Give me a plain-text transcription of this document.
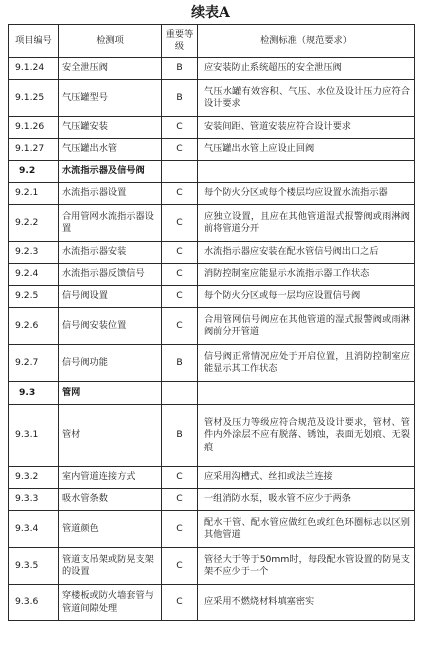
续表A
项目编号	检测项	重要等级	检测标准（规范要求）
9.1.24	安全泄压阀	B	应安装防止系统超压的安全泄压阀
9.1.25	气压罐型号	B	气压水罐有效容积、气压、水位及设计压力应符合设计要求
9.1.26	气压罐安装	C	安装间距、管道安装应符合设计要求
9.1.27	气压罐出水管	C	气压罐出水管上应设止回阀
9.2	水流指示器及信号阀		
9.2.1	水流指示器设置	C	每个防火分区或每个楼层均应设置水流指示器
9.2.2	合用管网水流指示器设置	C	应独立设置，且应在其他管道湿式报警阀或雨淋阀前将管道分开
9.2.3	水流指示器安装	C	水流指示器应安装在配水管信号阀出口之后
9.2.4	水流指示器反馈信号	C	消防控制室应能显示水流指示器工作状态
9.2.5	信号阀设置	C	每个防火分区或每一层均应设置信号阀
9.2.6	信号阀安装位置	C	合用管网信号阀应在其他管道的湿式报警阀或雨淋阀前分开管道
9.2.7	信号阀功能	B	信号阀正常情况应处于开启位置，且消防控制室应能显示其工作状态
9.3	管网		
9.3.1	管材	B	管材及压力等级应符合规范及设计要求，管材、管件内外涂层不应有脱落、锈蚀，表面无划痕、无裂痕
9.3.2	室内管道连接方式	C	应采用沟槽式、丝扣或法兰连接
9.3.3	吸水管条数	C	一组消防水泵，吸水管不应少于两条
9.3.4	管道颜色	C	配水干管、配水管应做红色或红色环圈标志以区别其他管道
9.3.5	管道支吊架或防晃支架的设置	C	管径大于等于50mm时，每段配水管设置的防晃支架不应少于一个
9.3.6	穿楼板或防火墙套管与管道间隙处理	C	应采用不燃烧材料填塞密实
